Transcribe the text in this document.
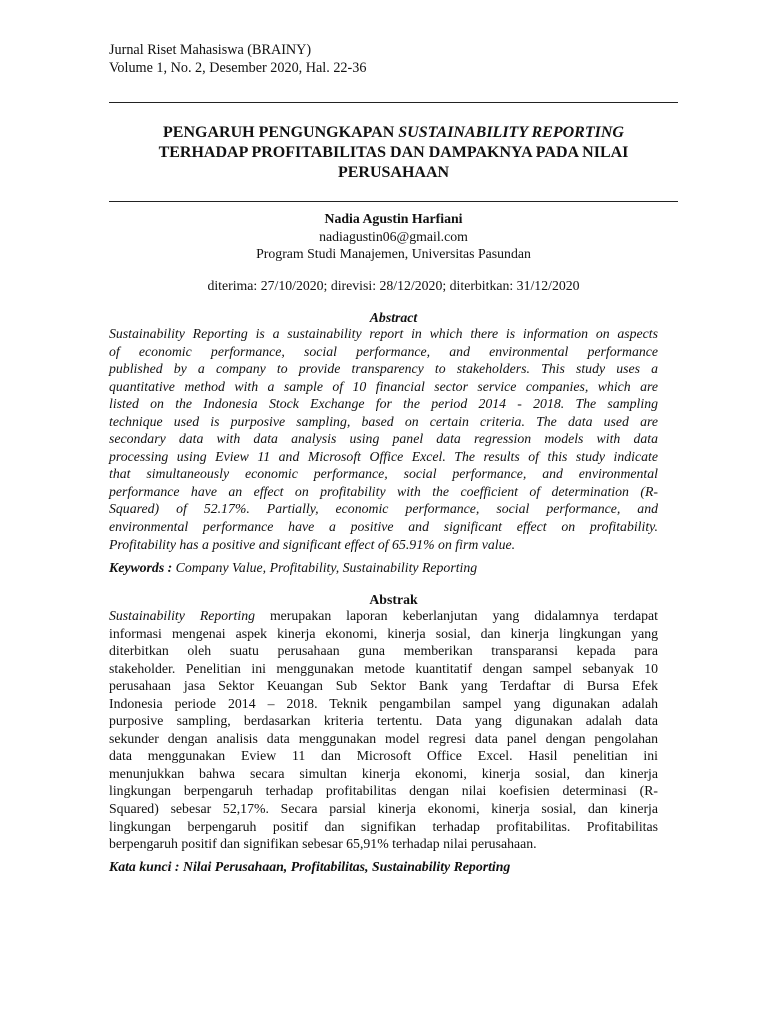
Jurnal Riset Mahasiswa (BRAINY)
Volume 1, No. 2, Desember 2020, Hal. 22-36
PENGARUH PENGUNGKAPAN SUSTAINABILITY REPORTING
TERHADAP PROFITABILITAS DAN DAMPAKNYA PADA NILAI
PERUSAHAAN
Nadia Agustin Harfiani
nadiagustin06@gmail.com
Program Studi Manajemen, Universitas Pasundan
diterima: 27/10/2020; direvisi: 28/12/2020; diterbitkan: 31/12/2020
Abstract
Sustainability Reporting is a sustainability report in which there is information on aspects
of economic performance, social performance, and environmental performance
published by a company to provide transparency to stakeholders. This study uses a
quantitative method with a sample of 10 financial sector service companies, which are
listed on the Indonesia Stock Exchange for the period 2014 - 2018. The sampling
technique used is purposive sampling, based on certain criteria. The data used are
secondary data with data analysis using panel data regression models with data
processing using Eview 11 and Microsoft Office Excel. The results of this study indicate
that simultaneously economic performance, social performance, and environmental
performance have an effect on profitability with the coefficient of determination (R-
Squared) of 52.17%. Partially, economic performance, social performance, and
environmental performance have a positive and significant effect on profitability.
Profitability has a positive and significant effect of 65.91% on firm value.
Keywords : Company Value, Profitability, Sustainability Reporting
Abstrak
Sustainability Reporting merupakan laporan keberlanjutan yang didalamnya terdapat
informasi mengenai aspek kinerja ekonomi, kinerja sosial, dan kinerja lingkungan yang
diterbitkan oleh suatu perusahaan guna memberikan transparansi kepada para
stakeholder. Penelitian ini menggunakan metode kuantitatif dengan sampel sebanyak 10
perusahaan jasa Sektor Keuangan Sub Sektor Bank yang Terdaftar di Bursa Efek
Indonesia periode 2014 – 2018. Teknik pengambilan sampel yang digunakan adalah
purposive sampling, berdasarkan kriteria tertentu. Data yang digunakan adalah data
sekunder dengan analisis data menggunakan model regresi data panel dengan pengolahan
data menggunakan Eview 11 dan Microsoft Office Excel. Hasil penelitian ini
menunjukkan bahwa secara simultan kinerja ekonomi, kinerja sosial, dan kinerja
lingkungan berpengaruh terhadap profitabilitas dengan nilai koefisien determinasi (R-
Squared) sebesar 52,17%. Secara parsial kinerja ekonomi, kinerja sosial, dan kinerja
lingkungan berpengaruh positif dan signifikan terhadap profitabilitas. Profitabilitas
berpengaruh positif dan signifikan sebesar 65,91% terhadap nilai perusahaan.
Kata kunci : Nilai Perusahaan, Profitabilitas, Sustainability Reporting
